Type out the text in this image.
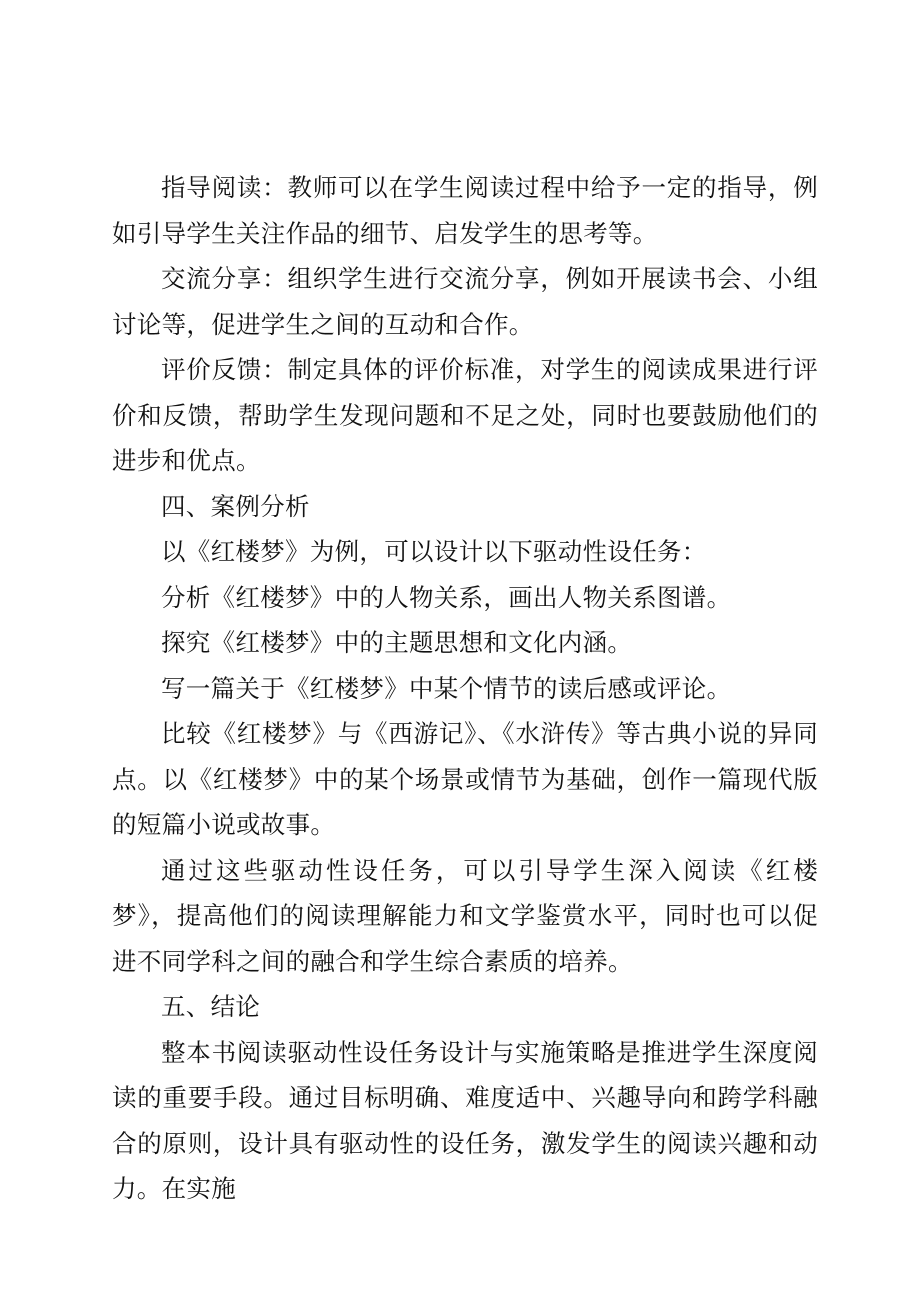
指导阅读：教师可以在学生阅读过程中给予一定的指导，例如引导学生关注作品的细节、启发学生的思考等。

交流分享：组织学生进行交流分享，例如开展读书会、小组讨论等，促进学生之间的互动和合作。

评价反馈：制定具体的评价标准，对学生的阅读成果进行评价和反馈，帮助学生发现问题和不足之处，同时也要鼓励他们的进步和优点。

四、案例分析

以《红楼梦》为例，可以设计以下驱动性设任务：

分析《红楼梦》中的人物关系，画出人物关系图谱。

探究《红楼梦》中的主题思想和文化内涵。

写一篇关于《红楼梦》中某个情节的读后感或评论。

比较《红楼梦》与《西游记》、《水浒传》等古典小说的异同点。以《红楼梦》中的某个场景或情节为基础，创作一篇现代版的短篇小说或故事。

通过这些驱动性设任务，可以引导学生深入阅读《红楼梦》，提高他们的阅读理解能力和文学鉴赏水平，同时也可以促进不同学科之间的融合和学生综合素质的培养。

五、结论

整本书阅读驱动性设任务设计与实施策略是推进学生深度阅读的重要手段。通过目标明确、难度适中、兴趣导向和跨学科融合的原则，设计具有驱动性的设任务，激发学生的阅读兴趣和动力。在实施
